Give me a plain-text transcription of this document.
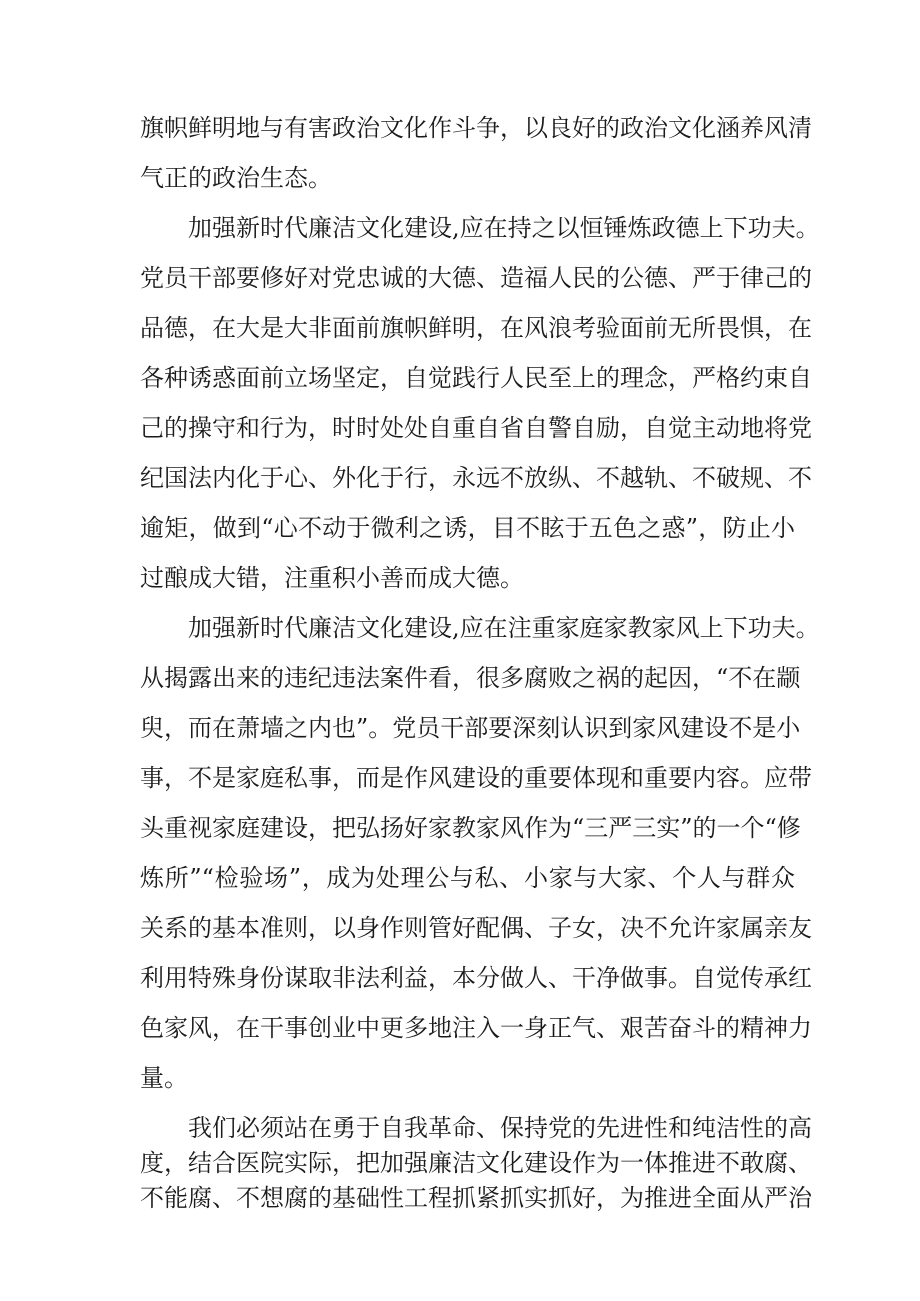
旗帜鲜明地与有害政治文化作斗争，以良好的政治文化涵养风清

气正的政治生态。

加强新时代廉洁文化建设,应在持之以恒锤炼政德上下功夫。

党员干部要修好对党忠诚的大德、造福人民的公德、严于律己的

品德，在大是大非面前旗帜鲜明，在风浪考验面前无所畏惧，在

各种诱惑面前立场坚定，自觉践行人民至上的理念，严格约束自

己的操守和行为，时时处处自重自省自警自励，自觉主动地将党

纪国法内化于心、外化于行，永远不放纵、不越轨、不破规、不

逾矩，做到“心不动于微利之诱，目不眩于五色之惑”，防止小

过酿成大错，注重积小善而成大德。

加强新时代廉洁文化建设,应在注重家庭家教家风上下功夫。

从揭露出来的违纪违法案件看，很多腐败之祸的起因，“不在颛

臾，而在萧墙之内也”。党员干部要深刻认识到家风建设不是小

事，不是家庭私事，而是作风建设的重要体现和重要内容。应带

头重视家庭建设，把弘扬好家教家风作为“三严三实”的一个“修

炼所”“检验场”，成为处理公与私、小家与大家、个人与群众

关系的基本准则，以身作则管好配偶、子女，决不允许家属亲友

利用特殊身份谋取非法利益，本分做人、干净做事。自觉传承红

色家风，在干事创业中更多地注入一身正气、艰苦奋斗的精神力

量。

我们必须站在勇于自我革命、保持党的先进性和纯洁性的高

度，结合医院实际，把加强廉洁文化建设作为一体推进不敢腐、

不能腐、不想腐的基础性工程抓紧抓实抓好，为推进全面从严治
